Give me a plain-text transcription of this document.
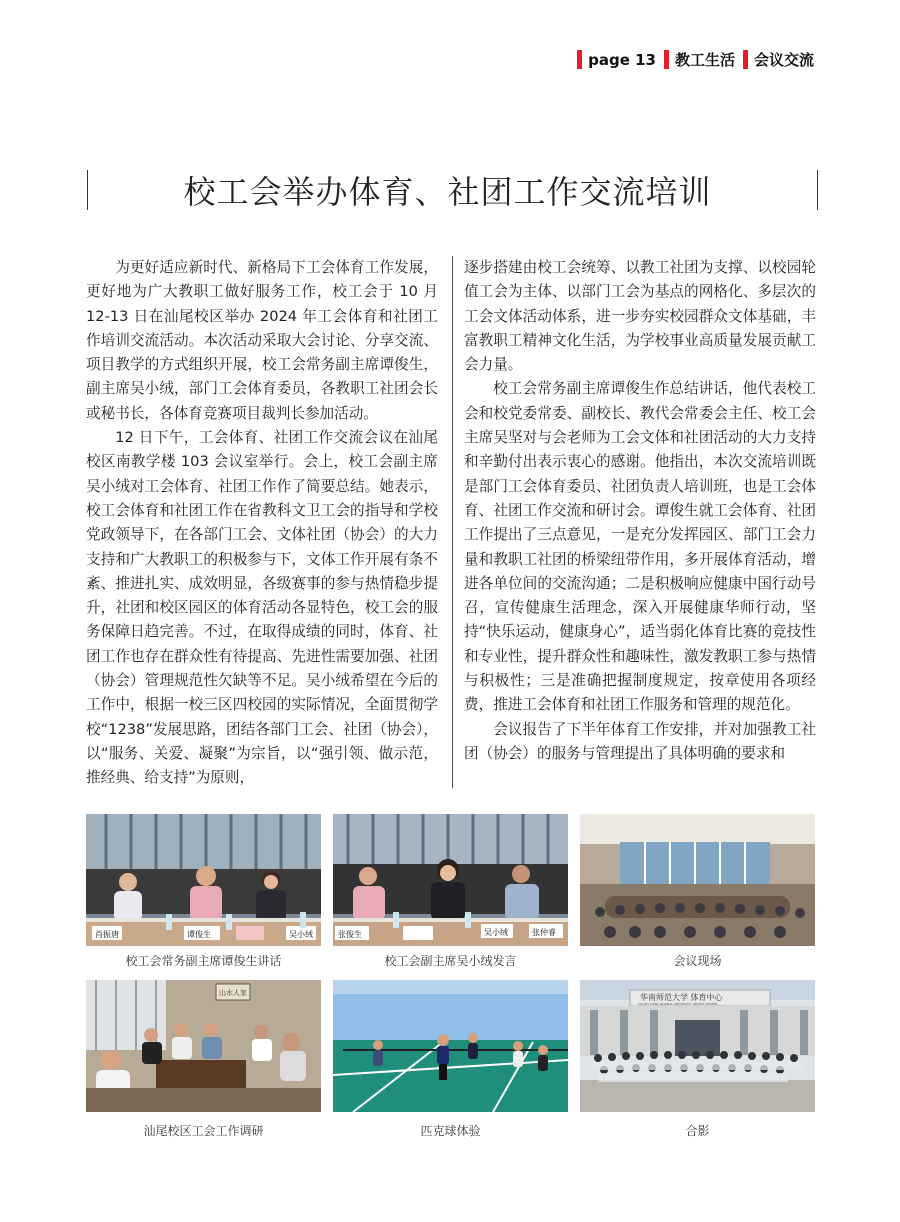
page 13 教工生活 会议交流
校工会举办体育、社团工作交流培训

为更好适应新时代、新格局下工会体育工作发展，更好地为广大教职工做好服务工作，校工会于 10 月 12-13 日在汕尾校区举办 2024 年工会体育和社团工作培训交流活动。本次活动采取大会讨论、分享交流、项目教学的方式组织开展，校工会常务副主席谭俊生，副主席吴小绒，部门工会体育委员，各教职工社团会长或秘书长，各体育竞赛项目裁判长参加活动。

12 日下午，工会体育、社团工作交流会议在汕尾校区南教学楼 103 会议室举行。会上，校工会副主席吴小绒对工会体育、社团工作作了简要总结。她表示，校工会体育和社团工作在省教科文卫工会的指导和学校党政领导下，在各部门工会、文体社团（协会）的大力支持和广大教职工的积极参与下，文体工作开展有条不紊、推进扎实、成效明显，各级赛事的参与热情稳步提升，社团和校区园区的体育活动各显特色，校工会的服务保障日趋完善。不过，在取得成绩的同时，体育、社团工作也存在群众性有待提高、先进性需要加强、社团（协会）管理规范性欠缺等不足。吴小绒希望在今后的工作中，根据一校三区四校园的实际情况，全面贯彻学校“1238”发展思路，团结各部门工会、社团（协会），以“服务、关爱、凝聚”为宗旨，以“强引领、做示范，推经典、给支持”为原则，

逐步搭建由校工会统筹、以教工社团为支撑、以校园轮值工会为主体、以部门工会为基点的网格化、多层次的工会文体活动体系，进一步夯实校园群众文体基础，丰富教职工精神文化生活，为学校事业高质量发展贡献工会力量。

校工会常务副主席谭俊生作总结讲话，他代表校工会和校党委常委、副校长、教代会常委会主任、校工会主席吴坚对与会老师为工会文体和社团活动的大力支持和辛勤付出表示衷心的感谢。他指出，本次交流培训既是部门工会体育委员、社团负责人培训班，也是工会体育、社团工作交流和研讨会。谭俊生就工会体育、社团工作提出了三点意见，一是充分发挥园区、部门工会力量和教职工社团的桥梁纽带作用，多开展体育活动，增进各单位间的交流沟通；二是积极响应健康中国行动号召，宣传健康生活理念，深入开展健康华师行动，坚持“快乐运动，健康身心”，适当弱化体育比赛的竞技性和专业性，提升群众性和趣味性，激发教职工参与热情与积极性；三是准确把握制度规定，按章使用各项经费，推进工会体育和社团工作服务和管理的规范化。

会议报告了下半年体育工作安排，并对加强教工社团（协会）的服务与管理提出了具体明确的要求和

肖振唐	谭俊生	吴小绒
校工会常务副主席谭俊生讲话
张俊生	吴小绒	张仲睿
校工会副主席吴小绒发言	会议现场
山水人家
汕尾校区工会工作调研	匹克球体验
华南师范大学 体育中心
SOUTH CHINA NORMAL UNIVERSITY SPORTS CENTER
合影
